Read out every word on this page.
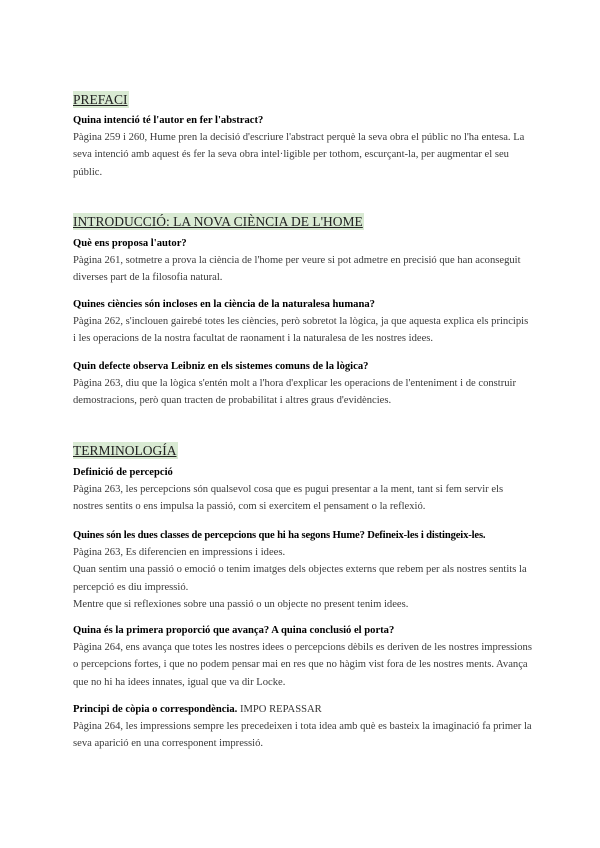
PREFACI
Quina intenció té l'autor en fer l'abstract?
Pàgina 259 i 260, Hume pren la decisió d'escriure l'abstract perquè la seva obra el públic no l'ha entesa. La seva intenció amb aquest és fer la seva obra intel·ligible per tothom, escurçant-la, per augmentar el seu públic.
INTRODUCCIÓ: LA NOVA CIÈNCIA DE L'HOME
Què ens proposa l'autor?
Pàgina 261, sotmetre a prova la ciència de l'home per veure si pot admetre en precisió que han aconseguit diverses part de la filosofia natural.
Quines ciències són incloses en la ciència de la naturalesa humana?
Pàgina 262, s'inclouen gairebé totes les ciències, però sobretot la lògica, ja que aquesta explica els principis i les operacions de la nostra facultat de raonament i la naturalesa de les nostres idees.
Quin defecte observa Leibniz en els sistemes comuns de la lògica?
Pàgina 263, diu que la lògica s'entén molt a l'hora d'explicar les operacions de l'enteniment i de construir demostracions, però quan tracten de probabilitat i altres graus d'evidències.
TERMINOLOGÍA
Definició de percepció
Pàgina 263, les percepcions són qualsevol cosa que es pugui presentar a la ment, tant si fem servir els nostres sentits o ens impulsa la passió, com si exercitem el pensament o la reflexió.
Quines són les dues classes de percepcions que hi ha segons Hume? Defineix-les i distingeix-les.
Pàgina 263, Es diferencien en impressions i idees.
Quan sentim una passió o emoció o tenim imatges dels objectes externs que rebem per als nostres sentits la percepció es diu impressió.
Mentre que si reflexiones sobre una passió o un objecte no present tenim idees.
Quina és la primera proporció que avança? A quina conclusió el porta?
Pàgina 264, ens avança que totes les nostres idees o percepcions dèbils es deriven de les nostres impressions o percepcions fortes, i que no podem pensar mai en res que no hàgim vist fora de les nostres ments. Avança que no hi ha idees innates, igual que va dir Locke.
Principi de còpia o correspondència. IMPO REPASSAR
Pàgina 264, les impressions sempre les precedeixen i tota idea amb què es basteix la imaginació fa primer la seva aparició en una corresponent impressió.
